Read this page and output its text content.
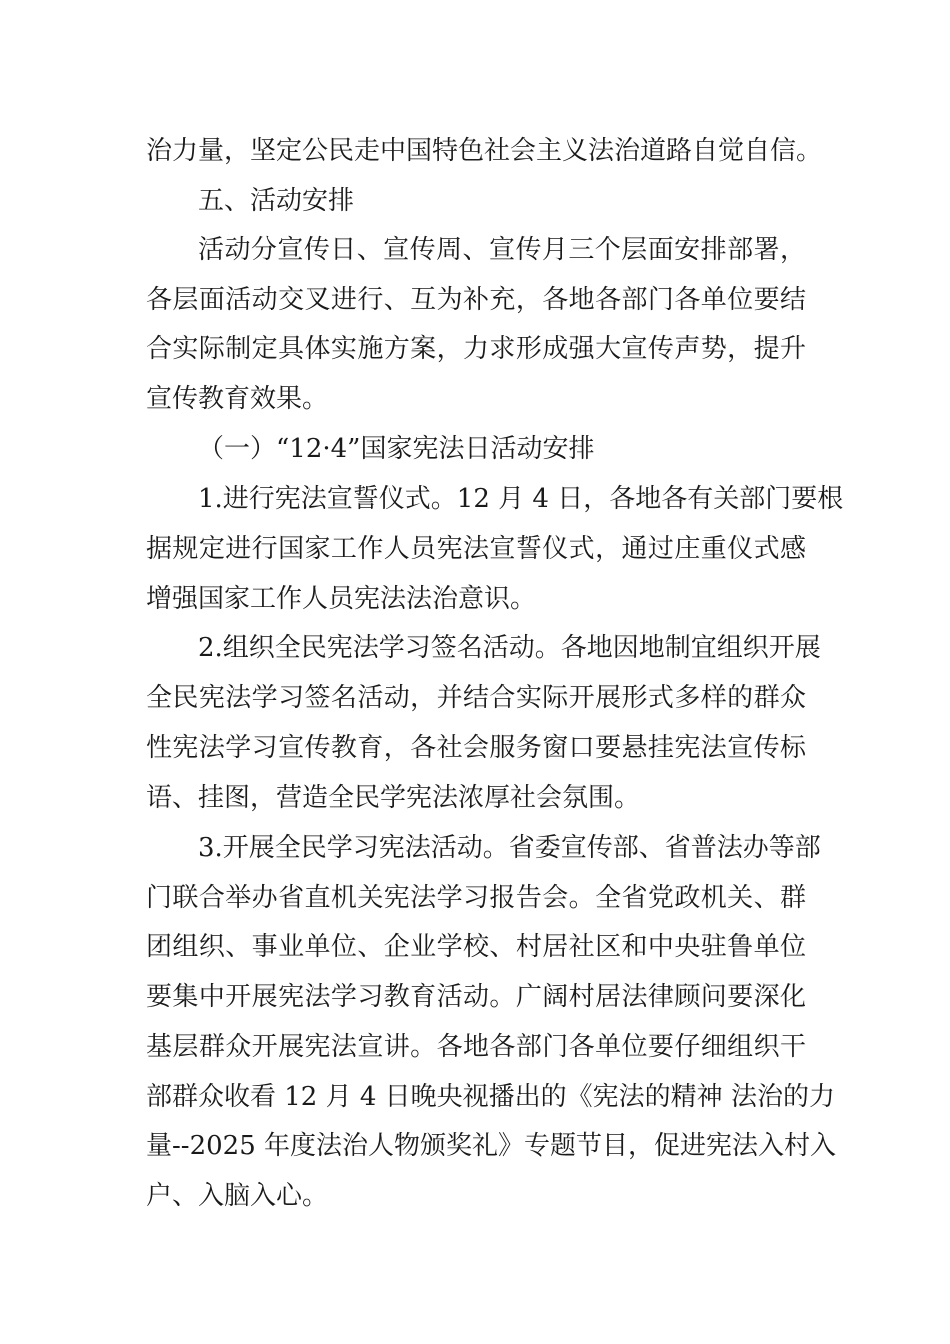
治力量，坚定公民走中国特色社会主义法治道路自觉自信。
五、活动安排
活动分宣传日、宣传周、宣传月三个层面安排部署，
各层面活动交叉进行、互为补充，各地各部门各单位要结
合实际制定具体实施方案，力求形成强大宣传声势，提升
宣传教育效果。
（一）“12·4”国家宪法日活动安排
1.进行宪法宣誓仪式。12 月 4 日，各地各有关部门要根
据规定进行国家工作人员宪法宣誓仪式，通过庄重仪式感
增强国家工作人员宪法法治意识。
2.组织全民宪法学习签名活动。各地因地制宜组织开展
全民宪法学习签名活动，并结合实际开展形式多样的群众
性宪法学习宣传教育，各社会服务窗口要悬挂宪法宣传标
语、挂图，营造全民学宪法浓厚社会氛围。
3.开展全民学习宪法活动。省委宣传部、省普法办等部
门联合举办省直机关宪法学习报告会。全省党政机关、群
团组织、事业单位、企业学校、村居社区和中央驻鲁单位
要集中开展宪法学习教育活动。广阔村居法律顾问要深化
基层群众开展宪法宣讲。各地各部门各单位要仔细组织干
部群众收看 12 月 4 日晚央视播出的《宪法的精神 法治的力
量--2025 年度法治人物颁奖礼》专题节目，促进宪法入村入
户、入脑入心。
